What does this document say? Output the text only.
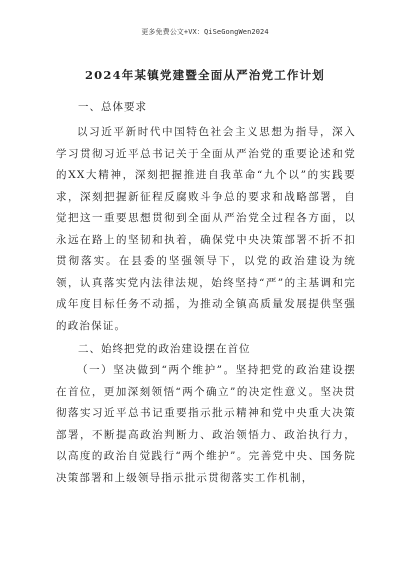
更多免费公文+VX：QiSeGongWen2024
2024年某镇党建暨全面从严治党工作计划
一、总体要求

以习近平新时代中国特色社会主义思想为指导，深入学习贯彻习近平总书记关于全面从严治党的重要论述和党的XX大精神，深刻把握推进自我革命“九个以”的实践要求，深刻把握新征程反腐败斗争总的要求和战略部署，自觉把这一重要思想贯彻到全面从严治党全过程各方面，以永远在路上的坚韧和执着，确保党中央决策部署不折不扣贯彻落实。在县委的坚强领导下，以党的政治建设为统领，认真落实党内法律法规，始终坚持“严”的主基调和完成年度目标任务不动摇，为推动全镇高质量发展提供坚强的政治保证。

二、始终把党的政治建设摆在首位

（一）坚决做到“两个维护”。坚持把党的政治建设摆在首位，更加深刻领悟“两个确立”的决定性意义。坚决贯彻落实习近平总书记重要指示批示精神和党中央重大决策部署，不断提高政治判断力、政治领悟力、政治执行力，以高度的政治自觉践行“两个维护”。完善党中央、国务院决策部署和上级领导指示批示贯彻落实工作机制，
